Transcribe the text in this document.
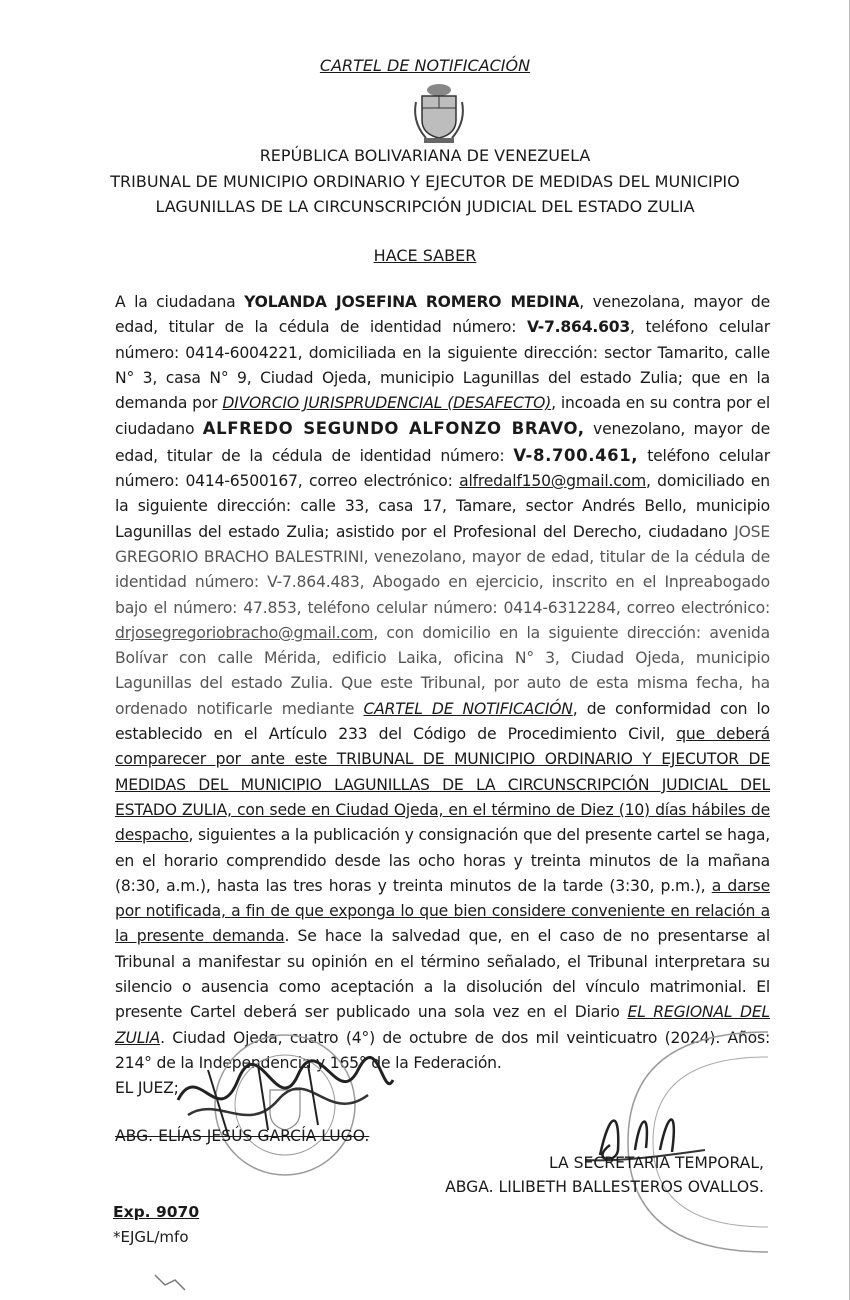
CARTEL DE NOTIFICACIÓN
REPÚBLICA BOLIVARIANA DE VENEZUELA
TRIBUNAL DE MUNICIPIO ORDINARIO Y EJECUTOR DE MEDIDAS DEL MUNICIPIO
LAGUNILLAS DE LA CIRCUNSCRIPCIÓN JUDICIAL DEL ESTADO ZULIA
HACE SABER
A la ciudadana YOLANDA JOSEFINA ROMERO MEDINA, venezolana, mayor de edad, titular de la cédula de identidad número: V-7.864.603, teléfono celular número: 0414-6004221, domiciliada en la siguiente dirección: sector Tamarito, calle N° 3, casa N° 9, Ciudad Ojeda, municipio Lagunillas del estado Zulia; que en la demanda por DIVORCIO JURISPRUDENCIAL (DESAFECTO), incoada en su contra por el ciudadano ALFREDO SEGUNDO ALFONZO BRAVO, venezolano, mayor de edad, titular de la cédula de identidad número: V-8.700.461, teléfono celular número: 0414-6500167, correo electrónico: alfredalf150@gmail.com, domiciliado en la siguiente dirección: calle 33, casa 17, Tamare, sector Andrés Bello, municipio Lagunillas del estado Zulia; asistido por el Profesional del Derecho, ciudadano JOSE GREGORIO BRACHO BALESTRINI, venezolano, mayor de edad, titular de la cédula de identidad número: V-7.864.483, Abogado en ejercicio, inscrito en el Inpreabogado bajo el número: 47.853, teléfono celular número: 0414-6312284, correo electrónico: drjosegregoriobracho@gmail.com, con domicilio en la siguiente dirección: avenida Bolívar con calle Mérida, edificio Laika, oficina N° 3, Ciudad Ojeda, municipio Lagunillas del estado Zulia. Que este Tribunal, por auto de esta misma fecha, ha ordenado notificarle mediante CARTEL DE NOTIFICACIÓN, de conformidad con lo establecido en el Artículo 233 del Código de Procedimiento Civil, que deberá comparecer por ante este TRIBUNAL DE MUNICIPIO ORDINARIO Y EJECUTOR DE MEDIDAS DEL MUNICIPIO LAGUNILLAS DE LA CIRCUNSCRIPCIÓN JUDICIAL DEL ESTADO ZULIA, con sede en Ciudad Ojeda, en el término de Diez (10) días hábiles de despacho, siguientes a la publicación y consignación que del presente cartel se haga, en el horario comprendido desde las ocho horas y treinta minutos de la mañana (8:30, a.m.), hasta las tres horas y treinta minutos de la tarde (3:30, p.m.), a darse por notificada, a fin de que exponga lo que bien considere conveniente en relación a la presente demanda. Se hace la salvedad que, en el caso de no presentarse al Tribunal a manifestar su opinión en el término señalado, el Tribunal interpretara su silencio o ausencia como aceptación a la disolución del vínculo matrimonial. El presente Cartel deberá ser publicado una sola vez en el Diario EL REGIONAL DEL ZULIA. Ciudad Ojeda, cuatro (4°) de octubre de dos mil veinticuatro (2024). Años: 214° de la Independencia y 165° de la Federación.
EL JUEZ;
ABG. ELÍAS JESÚS GARCÍA LUGO.
LA SECRETARIA TEMPORAL,
ABGA. LILIBETH BALLESTEROS OVALLOS.
Exp. 9070
*EJGL/mfo
